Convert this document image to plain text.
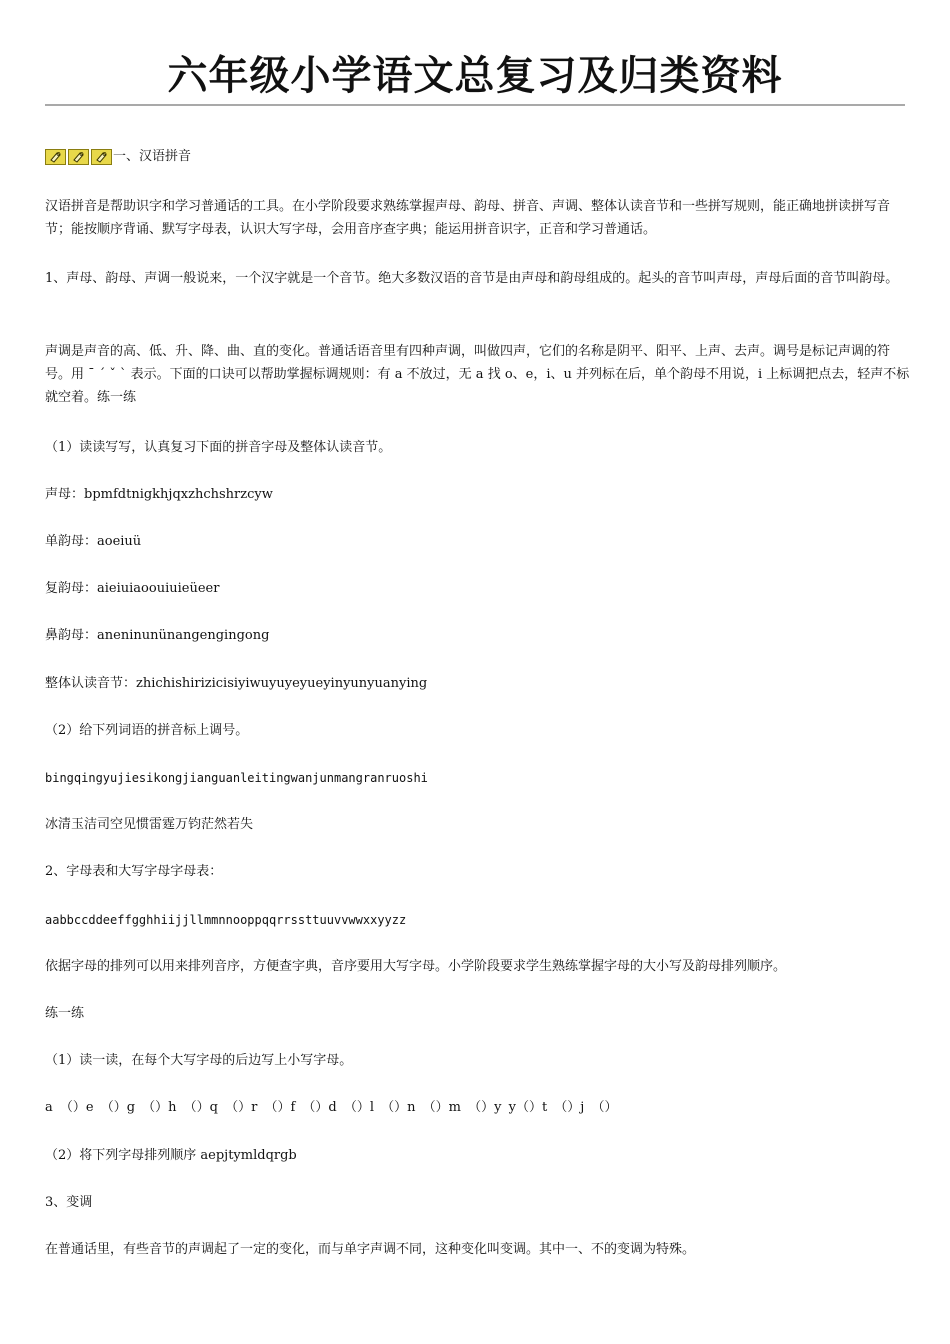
六年级小学语文总复习及归类资料
一、汉语拼音
汉语拼音是帮助识字和学习普通话的工具。在小学阶段要求熟练掌握声母、韵母、拼音、声调、整体认读音节和一些拼写规则，能正确地拼读拼写音节；能按顺序背诵、默写字母表，认识大写字母，会用音序查字典；能运用拼音识字，正音和学习普通话。
1、声母、韵母、声调一般说来，一个汉字就是一个音节。绝大多数汉语的音节是由声母和韵母组成的。起头的音节叫声母，声母后面的音节叫韵母。
声调是声音的高、低、升、降、曲、直的变化。普通话语音里有四种声调，叫做四声，它们的名称是阴平、阳平、上声、去声。调号是标记声调的符号。用 ˉ ˊ ˇ ˋ 表示。下面的口诀可以帮助掌握标调规则：有 a 不放过，无 a 找 o、e，i、u 并列标在后，单个韵母不用说，i 上标调把点去，轻声不标就空着。练一练
（1）读读写写，认真复习下面的拼音字母及整体认读音节。
声母：bpmfdtnigkhjqxzhchshrzcyw
单韵母：aoeiuü
复韵母：aieiuiaoouiuieüeer
鼻韵母：aneninunünangengingong
整体认读音节：zhichishirizicisiyiwuyuyeyueyinyunyuanying
（2）给下列词语的拼音标上调号。
bingqingyujiesikongjianguanleitingwanjunmangranruoshi
冰清玉洁司空见惯雷霆万钧茫然若失
2、字母表和大写字母字母表：
aabbccddeeffgghhiijjllmmnnooppqqrrssttuuvvwwxxyyzz
依据字母的排列可以用来排列音序，方便查字典，音序要用大写字母。小学阶段要求学生熟练掌握字母的大小写及韵母排列顺序。
练一练
（1）读一读，在每个大写字母的后边写上小写字母。
a （）e （）g （）h （）q （）r （）f （）d （）l （）n （）m （）y y（）t （）j （）
（2）将下列字母排列顺序 aepjtymldqrgb
3、变调
在普通话里，有些音节的声调起了一定的变化，而与单字声调不同，这种变化叫变调。其中一、不的变调为特殊。
